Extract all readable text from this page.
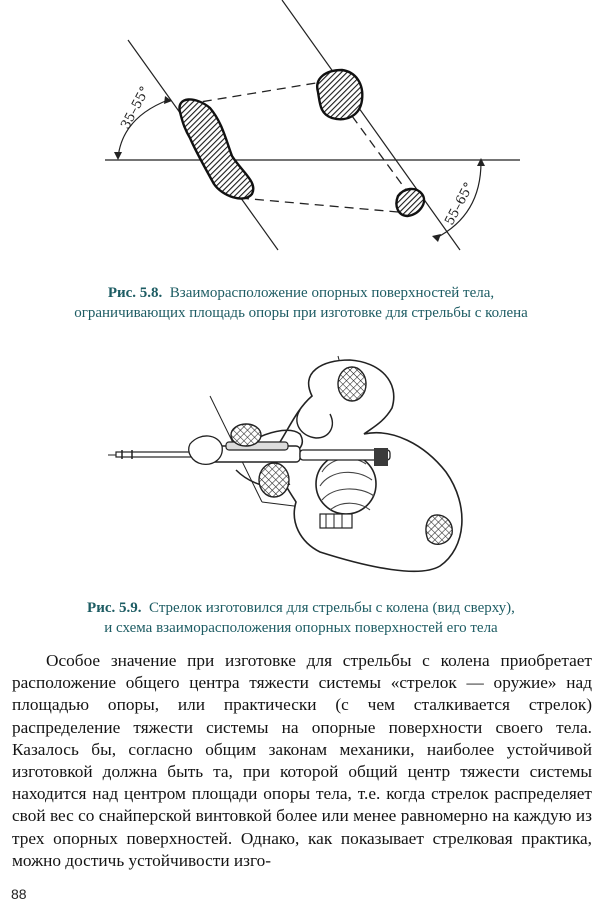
35–55°
55–65°
Рис. 5.8. Взаиморасположение опорных поверхностей тела,
ограничивающих площадь опоры при изготовке для стрельбы с колена
Рис. 5.9. Стрелок изготовился для стрельбы с колена (вид сверху),
и схема взаиморасположения опорных поверхностей его тела

Особое значение при изготовке для стрельбы с колена приобретает расположение общего центра тяжести системы «стрелок — оружие» над площадью опоры, или практически (с чем сталкивается стрелок) распределение тяжести системы на опорные поверхности своего тела. Казалось бы, согласно общим законам механики, наиболее устойчивой изготовкой должна быть та, при которой общий центр тяжести системы находится над центром площади опоры тела, т.е. когда стрелок распределяет свой вес со снайперской винтовкой более или менее равномерно на каждую из трех опорных поверхностей. Однако, как показывает стрелковая практика, можно достичь устойчивости изго-

88
